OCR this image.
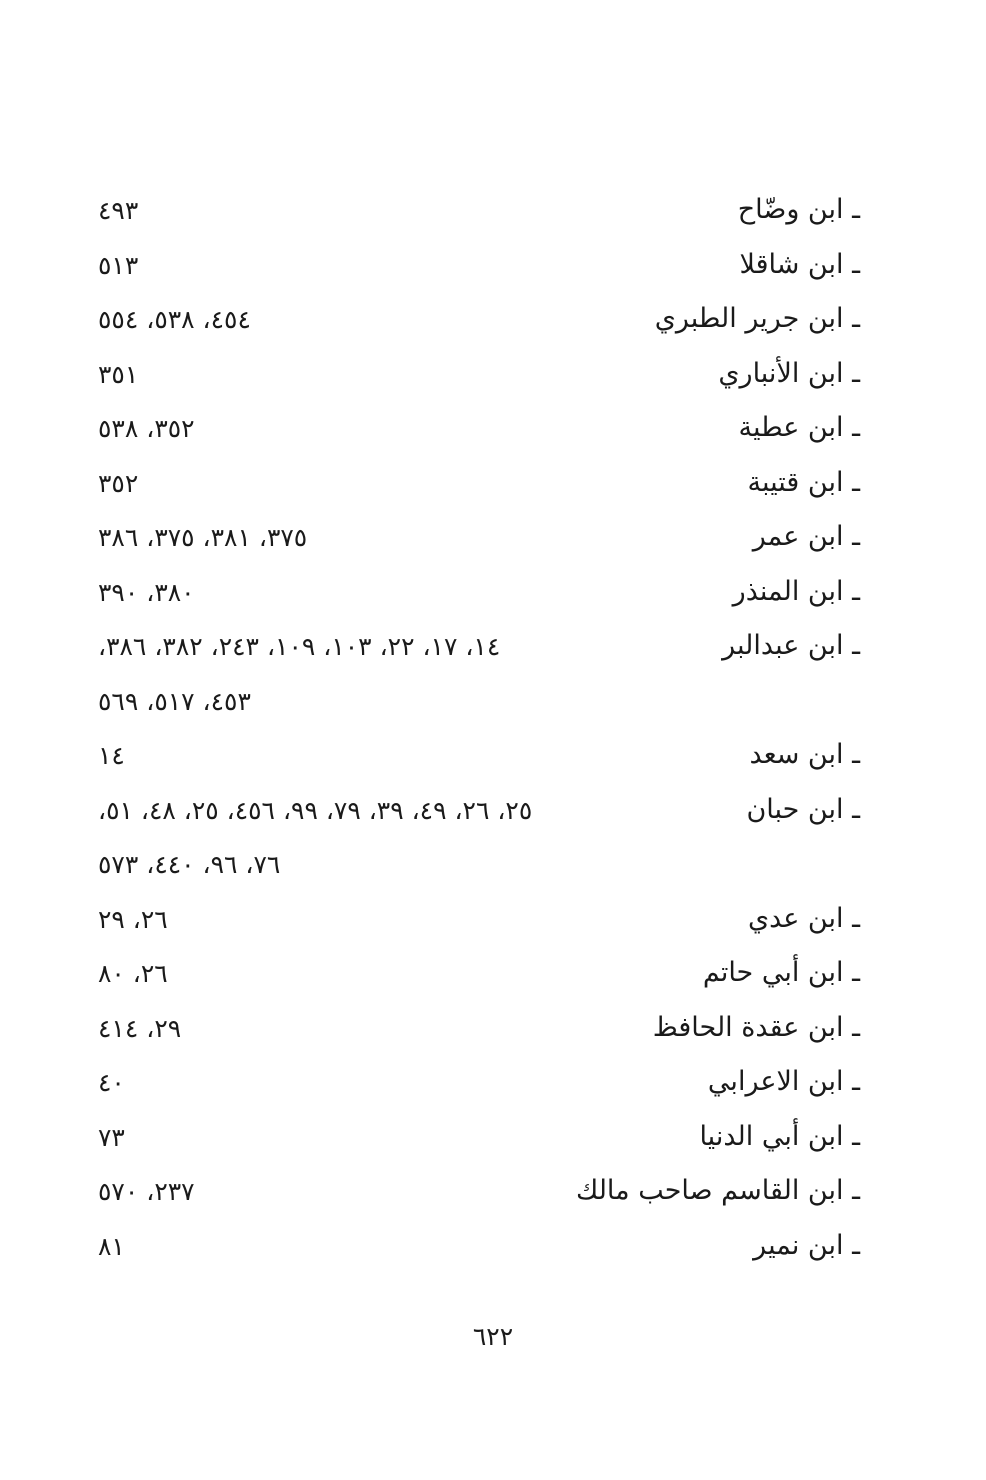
ـ ابن وضّاح
٤٩٣
ـ ابن شاقلا
٥١٣
ـ ابن جرير الطبري
٤٥٤، ٥٣٨، ٥٥٤
ـ ابن الأنباري
٣٥١
ـ ابن عطية
٣٥٢، ٥٣٨
ـ ابن قتيبة
٣٥٢
ـ ابن عمر
٣٧٥، ٣٨١، ٣٧٥، ٣٨٦
ـ ابن المنذر
٣٨٠، ٣٩٠
ـ ابن عبدالبر
١٤، ١٧، ٢٢، ١٠٣، ١٠٩، ٢٤٣، ٣٨٢، ٣٨٦،
٤٥٣، ٥١٧، ٥٦٩
ـ ابن سعد
١٤
ـ ابن حبان
٢٥، ٢٦، ٤٩، ٣٩، ٧٩، ٩٩، ٤٥٦، ٢٥، ٤٨، ٥١،
٧٦، ٩٦، ٤٤٠، ٥٧٣
ـ ابن عدي
٢٦، ٢٩
ـ ابن أبي حاتم
٢٦، ٨٠
ـ ابن عقدة الحافظ
٢٩، ٤١٤
ـ ابن الاعرابي
٤٠
ـ ابن أبي الدنيا
٧٣
ـ ابن القاسم صاحب مالك
٢٣٧، ٥٧٠
ـ ابن نمير
٨١
٦٢٢
